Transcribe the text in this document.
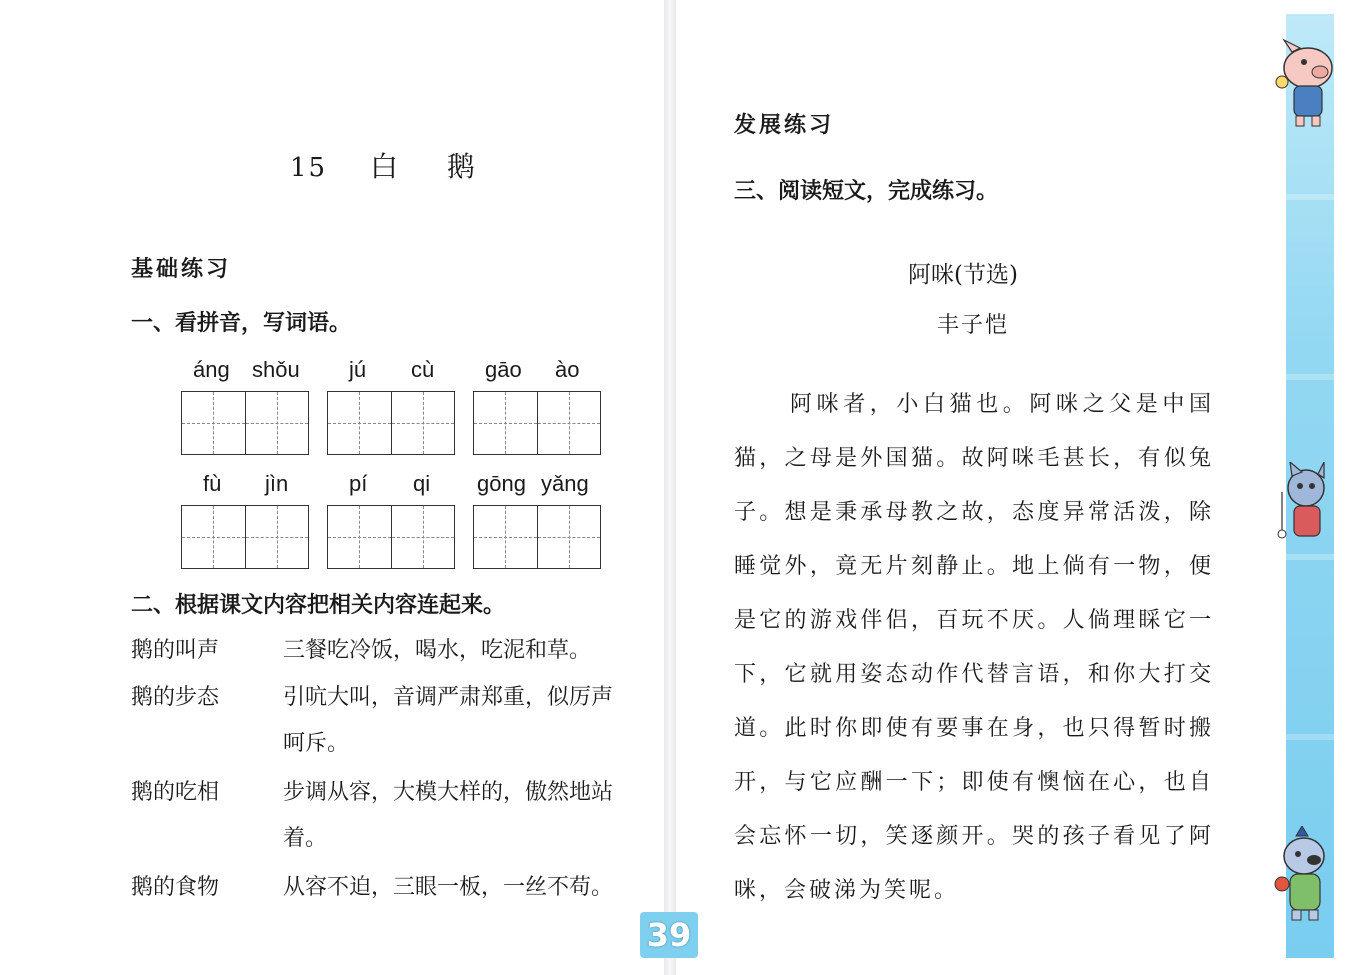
15 白 鹅
基础练习
一、看拼音，写词语。
áng shǒu jú cù gāo ào
fù jìn	pí qi gōng yǎng
二、根据课文内容把相关内容连起来。
鹅的叫声
鹅的步态
鹅的吃相
鹅的食物
三餐吃冷饭，喝水，吃泥和草。
引吭大叫，音调严肃郑重，似厉声呵斥。
步调从容，大模大样的，傲然地站着。
从容不迫，三眼一板，一丝不苟。
发展练习
三、阅读短文，完成练习。
阿咪(节选)
丰子恺

阿咪者，小白猫也。阿咪之父是中国猫，之母是外国猫。故阿咪毛甚长，有似兔子。想是秉承母教之故，态度异常活泼，除睡觉外，竟无片刻静止。地上倘有一物，便是它的游戏伴侣，百玩不厌。人倘理睬它一下，它就用姿态动作代替言语，和你大打交道。此时你即使有要事在身，也只得暂时搬开，与它应酬一下；即使有懊恼在心，也自会忘怀一切，笑逐颜开。哭的孩子看见了阿咪，会破涕为笑呢。

39
